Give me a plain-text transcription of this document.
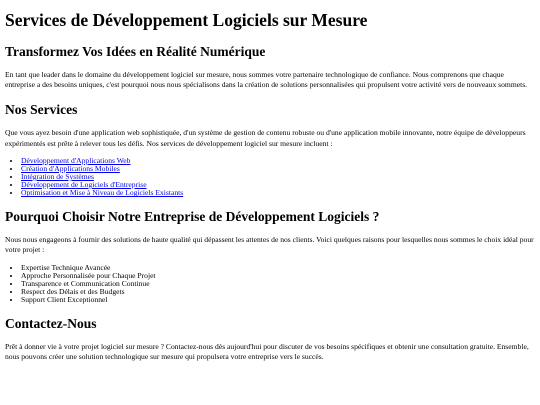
Services de Développement Logiciels sur Mesure
Transformez Vos Idées en Réalité Numérique

En tant que leader dans le domaine du développement logiciel sur mesure, nous sommes votre partenaire technologique de confiance. Nous comprenons que chaque entreprise a des besoins uniques, c'est pourquoi nous nous spécialisons dans la création de solutions personnalisées qui propulsent votre activité vers de nouveaux sommets.

Nos Services

Que vous ayez besoin d'une application web sophistiquée, d'un système de gestion de contenu robuste ou d'une application mobile innovante, notre équipe de développeurs expérimentés est prête à relever tous les défis. Nos services de développement logiciel sur mesure incluent :

• Développement d'Applications Web
• Création d'Applications Mobiles
• Intégration de Systèmes
• Développement de Logiciels d'Entreprise
• Optimisation et Mise à Niveau de Logiciels Existants
Pourquoi Choisir Notre Entreprise de Développement Logiciels ?

Nous nous engageons à fournir des solutions de haute qualité qui dépassent les attentes de nos clients. Voici quelques raisons pour lesquelles nous sommes le choix idéal pour votre projet :

• Expertise Technique Avancée
• Approche Personnalisée pour Chaque Projet
• Transparence et Communication Continue
• Respect des Délais et des Budgets
• Support Client Exceptionnel
Contactez-Nous

Prêt à donner vie à votre projet logiciel sur mesure ? Contactez-nous dès aujourd'hui pour discuter de vos besoins spécifiques et obtenir une consultation gratuite. Ensemble, nous pouvons créer une solution technologique sur mesure qui propulsera votre entreprise vers le succès.
